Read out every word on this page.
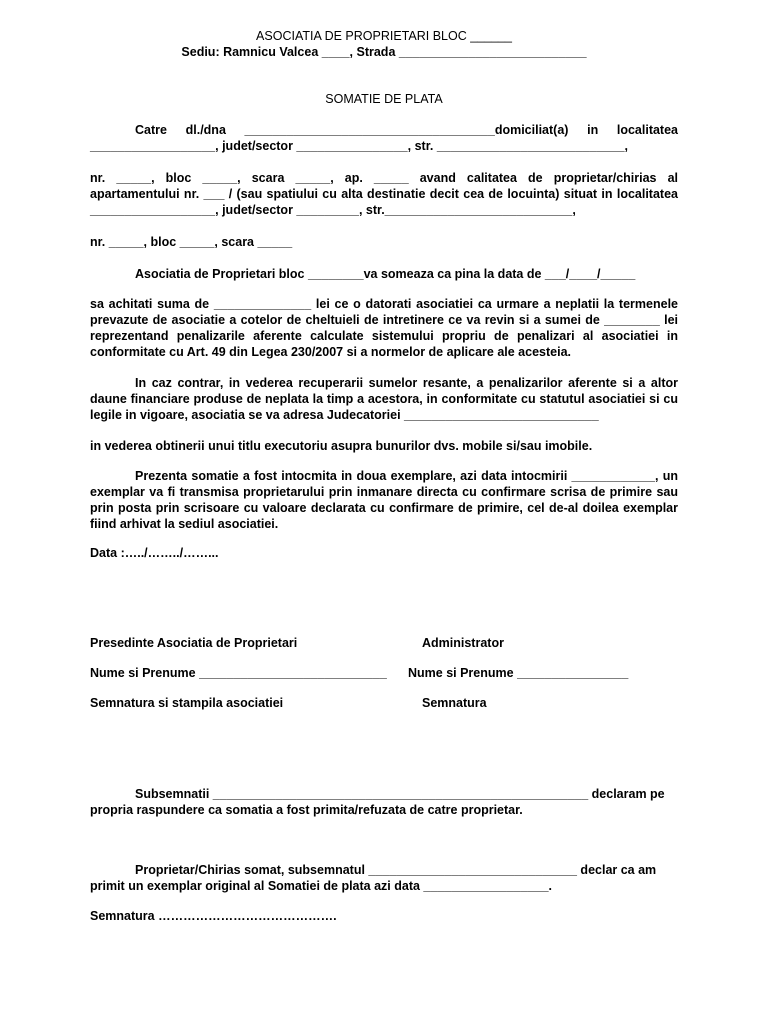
ASOCIATIA DE PROPRIETARI BLOC ______

Sediu: Ramnicu Valcea ____, Strada ___________________________

SOMATIE DE PLATA

Catre dl./dna ____________________________________domiciliat(a) in localitatea

__________________, judet/sector ________________, str. ___________________________,

nr. _____, bloc _____, scara _____, ap. _____ avand calitatea de proprietar/chirias al apartamentului nr. ___ / (sau spatiului cu alta destinatie decit cea de locuinta) situat in localitatea __________________, judet/sector _________, str.___________________________,

nr. _____, bloc _____, scara _____

Asociatia de Proprietari bloc ________va someaza ca pina la data de ___/____/_____

sa achitati suma de ______________ lei ce o datorati asociatiei ca urmare a neplatii la termenele prevazute de asociatie a cotelor de cheltuieli de intretinere ce va revin si a sumei de ________ lei reprezentand penalizarile aferente calculate sistemului propriu de penalizari al asociatiei in conformitate cu Art. 49 din Legea 230/2007 si a normelor de aplicare ale acesteia.

In caz contrar, in vederea recuperarii sumelor resante, a penalizarilor aferente si a altor daune financiare produse de neplata la timp a acestora, in conformitate cu statutul asociatiei si cu legile in vigoare, asociatia se va adresa Judecatoriei ____________________________

in vederea obtinerii unui titlu executoriu asupra bunurilor dvs. mobile si/sau imobile.

Prezenta somatie a fost intocmita in doua exemplare, azi data intocmirii ____________, un exemplar va fi transmisa proprietarului prin inmanare directa cu confirmare scrisa de primire sau prin posta prin scrisoare cu valoare declarata cu confirmare de primire, cel de-al doilea exemplar fiind arhivat la sediul asociatiei.

Data :…../……../……...

Presedinte Asociatia de Proprietari	Administrator
Nume si Prenume ___________________________	Nume si Prenume ________________
Semnatura si stampila asociatiei	Semnatura

Subsemnatii ______________________________________________________ declaram pe propria raspundere ca somatia a fost primita/refuzata de catre proprietar.

Proprietar/Chirias somat, subsemnatul ______________________________ declar ca am primit un exemplar original al Somatiei de plata azi data __________________.

Semnatura …………………………………….
